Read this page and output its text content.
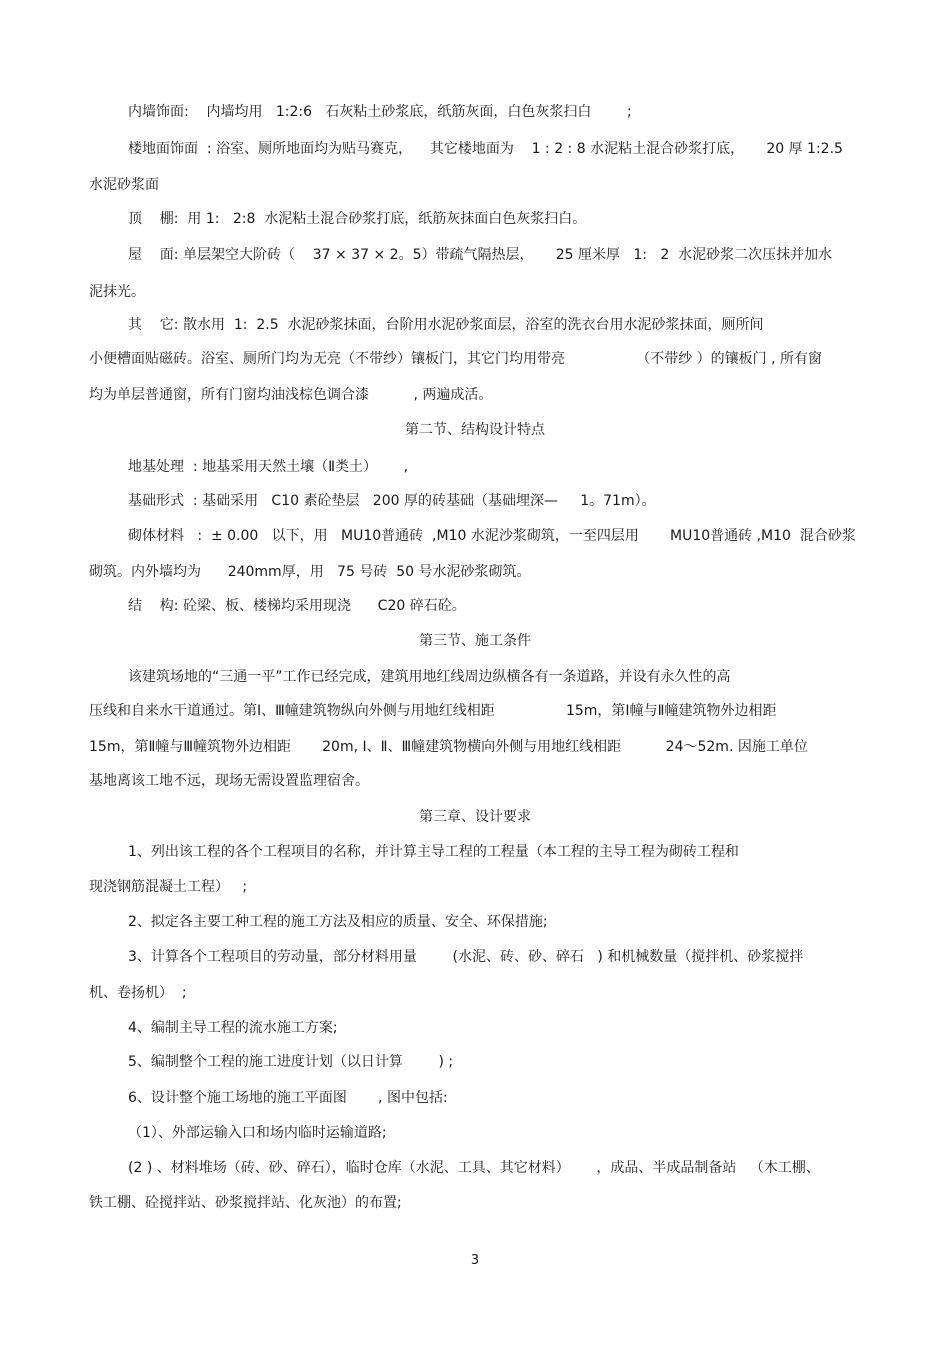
内墙饰面:    内墙均用   1:2:6   石灰粘土砂浆底，纸筋灰面，白色灰浆扫白        ;

楼地面饰面  : 浴室、厕所地面均为贴马赛克，    其它楼地面为    1 : 2 : 8 水泥粘土混合砂浆打底，     20 厚 1:2.5

水泥砂浆面

顶    棚:  用 1:   2:8  水泥粘土混合砂浆打底，纸筋灰抹面白色灰浆扫白。

屋    面: 单层架空大阶砖（    37 × 37 × 2。5）带疏气隔热层，     25 厘米厚   1:   2  水泥砂浆二次压抹并加水

泥抹光。

其    它: 散水用  1:  2.5  水泥砂浆抹面，台阶用水泥砂浆面层，浴室的洗衣台用水泥砂浆抹面，厕所间

小便槽面贴磁砖。浴室、厕所门均为无亮（不带纱）镶板门，其它门均用带亮                （不带纱 ）的镶板门 , 所有窗

均为单层普通窗，所有门窗均油浅棕色调合漆          , 两遍成活。

第二节、结构设计特点

地基处理  : 地基采用天然土壤（Ⅱ类土）      ,

基础形式  : 基础采用   C10 素砼垫层   200 厚的砖基础（基础埋深—     1。71m）。

砌体材料   :  ± 0.00   以下，用   MU10普通砖  ,M10 水泥沙浆砌筑，一至四层用       MU10普通砖 ,M10  混合砂浆

砌筑。内外墙均为      240mm厚，用   75 号砖  50 号水泥砂浆砌筑。

结    构: 砼梁、板、楼梯均采用现浇      C20 碎石砼。

第三节、施工条件

该建筑场地的“三通一平”工作已经完成，建筑用地红线周边纵横各有一条道路，并设有永久性的高

压线和自来水干道通过。第Ⅰ、Ⅲ幢建筑物纵向外侧与用地红线相距                15m，第Ⅰ幢与Ⅱ幢建筑物外边相距

15m，第Ⅱ幢与Ⅲ幢筑物外边相距       20m, Ⅰ、Ⅱ、Ⅲ幢建筑物横向外侧与用地红线相距          24～52m. 因施工单位

基地离该工地不远，现场无需设置监理宿舍。

第三章、设计要求

1、列出该工程的各个工程项目的名称，并计算主导工程的工程量（本工程的主导工程为砌砖工程和

现浇钢筋混凝土工程）   ;

2、拟定各主要工种工程的施工方法及相应的质量、安全、环保措施;

3、计算各个工程项目的劳动量，部分材料用量        (水泥、砖、砂、碎石   ) 和机械数量（搅拌机、砂浆搅拌

机、卷扬机）  ;

4、编制主导工程的流水施工方案;

5、编制整个工程的施工进度计划（以日计算        ) ;

6、设计整个施工场地的施工平面图       , 图中包括:

（1）、外部运输入口和场内临时运输道路;

(2 ) 、材料堆场（砖、砂、碎石），临时仓库（水泥、工具、其它材料）      ，成品、半成品制备站   （木工棚、

铁工棚、砼搅拌站、砂浆搅拌站、化灰池）的布置;

3
